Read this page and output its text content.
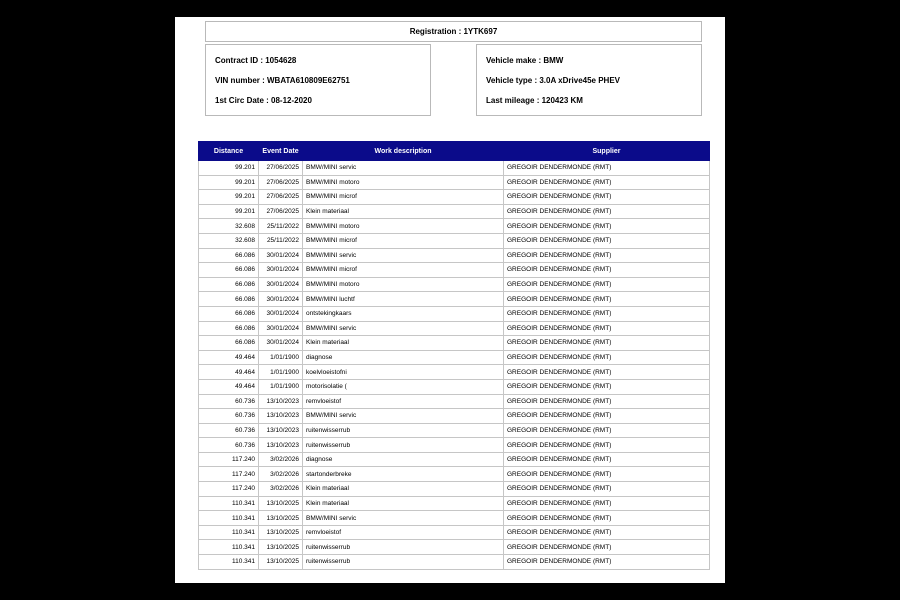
Registration : 1YTK697
Contract ID : 1054628
VIN number : WBATA610809E62751
1st Circ Date : 08-12-2020
Vehicle make : BMW
Vehicle type : 3.0A xDrive45e PHEV
Last mileage : 120423 KM
Distance	Event Date	Work description	Supplier
99.201	27/06/2025	BMW/MINI servic	GREGOIR DENDERMONDE (RMT)
99.201	27/06/2025	BMW/MINI motoro	GREGOIR DENDERMONDE (RMT)
99.201	27/06/2025	BMW/MINI microf	GREGOIR DENDERMONDE (RMT)
99.201	27/06/2025	Klein materiaal	GREGOIR DENDERMONDE (RMT)
32.608	25/11/2022	BMW/MINI motoro	GREGOIR DENDERMONDE (RMT)
32.608	25/11/2022	BMW/MINI microf	GREGOIR DENDERMONDE (RMT)
66.086	30/01/2024	BMW/MINI servic	GREGOIR DENDERMONDE (RMT)
66.086	30/01/2024	BMW/MINI microf	GREGOIR DENDERMONDE (RMT)
66.086	30/01/2024	BMW/MINI motoro	GREGOIR DENDERMONDE (RMT)
66.086	30/01/2024	BMW/MINI luchtf	GREGOIR DENDERMONDE (RMT)
66.086	30/01/2024	ontstekingkaars	GREGOIR DENDERMONDE (RMT)
66.086	30/01/2024	BMW/MINI servic	GREGOIR DENDERMONDE (RMT)
66.086	30/01/2024	Klein materiaal	GREGOIR DENDERMONDE (RMT)
49.464	1/01/1900	diagnose	GREGOIR DENDERMONDE (RMT)
49.464	1/01/1900	koelvloeistofni	GREGOIR DENDERMONDE (RMT)
49.464	1/01/1900	motorisolatie (	GREGOIR DENDERMONDE (RMT)
60.736	13/10/2023	remvloeistof	GREGOIR DENDERMONDE (RMT)
60.736	13/10/2023	BMW/MINI servic	GREGOIR DENDERMONDE (RMT)
60.736	13/10/2023	ruitenwisserrub	GREGOIR DENDERMONDE (RMT)
60.736	13/10/2023	ruitenwisserrub	GREGOIR DENDERMONDE (RMT)
117.240	3/02/2026	diagnose	GREGOIR DENDERMONDE (RMT)
117.240	3/02/2026	startonderbreke	GREGOIR DENDERMONDE (RMT)
117.240	3/02/2026	Klein materiaal	GREGOIR DENDERMONDE (RMT)
110.341	13/10/2025	Klein materiaal	GREGOIR DENDERMONDE (RMT)
110.341	13/10/2025	BMW/MINI servic	GREGOIR DENDERMONDE (RMT)
110.341	13/10/2025	remvloeistof	GREGOIR DENDERMONDE (RMT)
110.341	13/10/2025	ruitenwisserrub	GREGOIR DENDERMONDE (RMT)
110.341	13/10/2025	ruitenwisserrub	GREGOIR DENDERMONDE (RMT)
